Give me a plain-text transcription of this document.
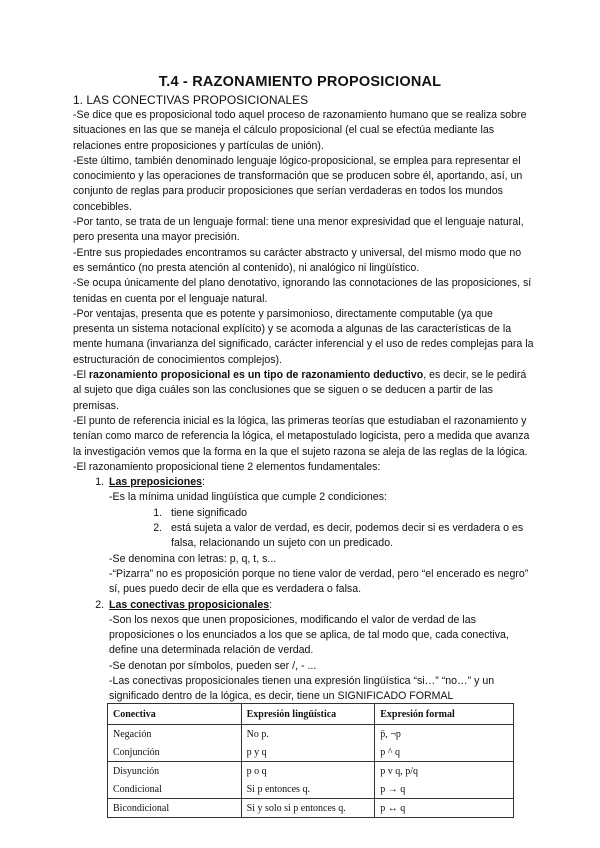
T.4 - RAZONAMIENTO PROPOSICIONAL
1. LAS CONECTIVAS PROPOSICIONALES

-Se dice que es proposicional todo aquel proceso de razonamiento humano que se realiza sobre situaciones en las que se maneja el cálculo proposicional (el cual se efectúa mediante las relaciones entre proposiciones y partículas de unión).

-Este último, también denominado lenguaje lógico-proposicional, se emplea para representar el conocimiento y las operaciones de transformación que se producen sobre él, aportando, así, un conjunto de reglas para producir proposiciones que serían verdaderas en todos los mundos concebibles.

-Por tanto, se trata de un lenguaje formal: tiene una menor expresividad que el lenguaje natural, pero presenta una mayor precisión.

-Entre sus propiedades encontramos su carácter abstracto y universal, del mismo modo que no es semántico (no presta atención al contenido), ni analógico ni lingüístico.

-Se ocupa únicamente del plano denotativo, ignorando las connotaciones de las proposiciones, sí tenidas en cuenta por el lenguaje natural.

-Por ventajas, presenta que es potente y parsimonioso, directamente computable (ya que presenta un sistema notacional explícito) y se acomoda a algunas de las características de la mente humana (invarianza del significado, carácter inferencial y el uso de redes complejas para la estructuración de conocimientos complejos).

-El razonamiento proposicional es un tipo de razonamiento deductivo, es decir, se le pedirá al sujeto que diga cuáles son las conclusiones que se siguen o se deducen a partir de las premisas.

-El punto de referencia inicial es la lógica, las primeras teorías que estudiaban el razonamiento y tenían como marco de referencia la lógica, el metapostulado logicista, pero a medida que avanza la investigación vemos que la forma en la que el sujeto razona se aleja de las reglas de la lógica.

-El razonamiento proposicional tiene 2 elementos fundamentales:

1. Las preposiciones:
-Es la mínima unidad lingüística que cumple 2 condiciones:
1. tiene significado
2. está sujeta a valor de verdad, es decir, podemos decir si es verdadera o es falsa, relacionando un sujeto con un predicado.
-Se denomina con letras: p, q, t, s...
-“Pizarra” no es proposición porque no tiene valor de verdad, pero “el encerado es negro” sí, pues puedo decir de ella que es verdadera o falsa.
2. Las conectivas proposicionales:
-Son los nexos que unen proposiciones, modificando el valor de verdad de las proposiciones o los enunciados a los que se aplica, de tal modo que, cada conectiva, define una determinada relación de verdad.
-Se denotan por símbolos, pueden ser /, - ...
-Las conectivas proposicionales tienen una expresión lingüística “si…” “no…” y un significado dentro de la lógica, es decir, tiene un SIGNIFICADO FORMAL
Conectiva	Expresión lingüística	Expresión formal
Negación	No p.	p̄, ¬p
Conjunción	p y q	p ^ q
Disyunción	p o q	p v q, p/q
Condicional	Si p entonces q.	p → q
Bicondicional	Si y solo si p entonces q.	p ↔ q
